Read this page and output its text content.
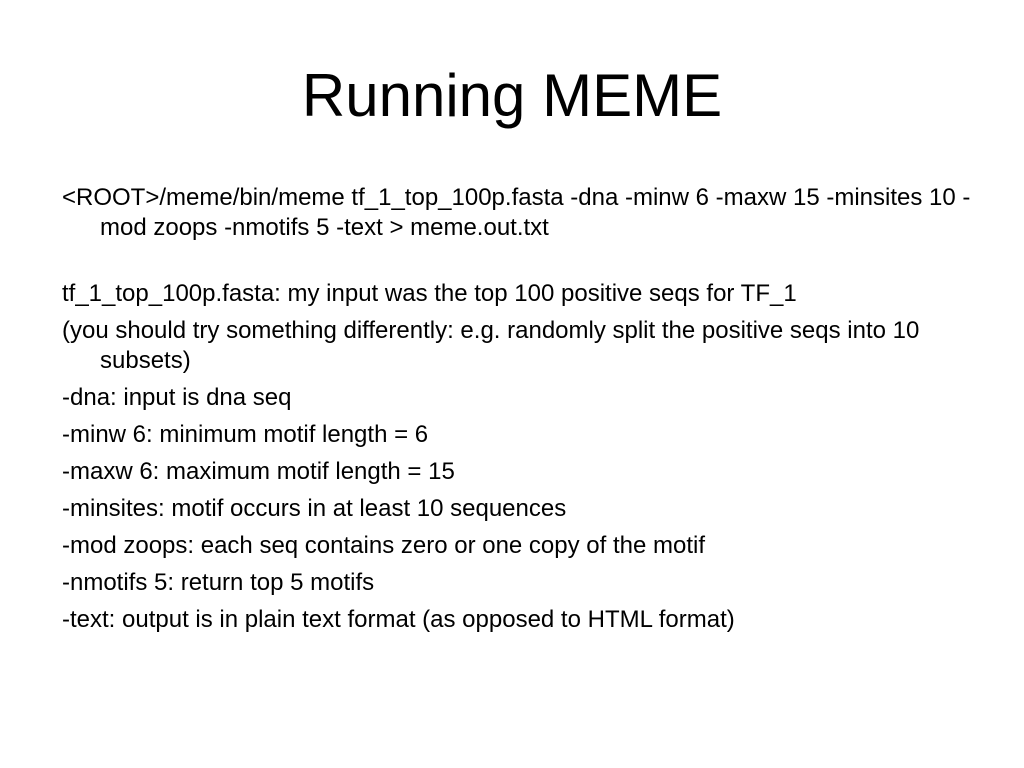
Running MEME

<ROOT>/meme/bin/meme tf_1_top_100p.fasta -dna -minw 6 -maxw 15 -minsites 10 -mod zoops -nmotifs 5 -text > meme.out.txt

tf_1_top_100p.fasta: my input was the top 100 positive seqs for TF_1

(you should try something differently: e.g. randomly split the positive seqs into 10 subsets)

-dna: input is dna seq

-minw 6: minimum motif length = 6

-maxw 6: maximum motif length = 15

-minsites: motif occurs in at least 10 sequences

-mod zoops: each seq contains zero or one copy of the motif

-nmotifs 5: return top 5 motifs

-text: output is in plain text format (as opposed to HTML format)
